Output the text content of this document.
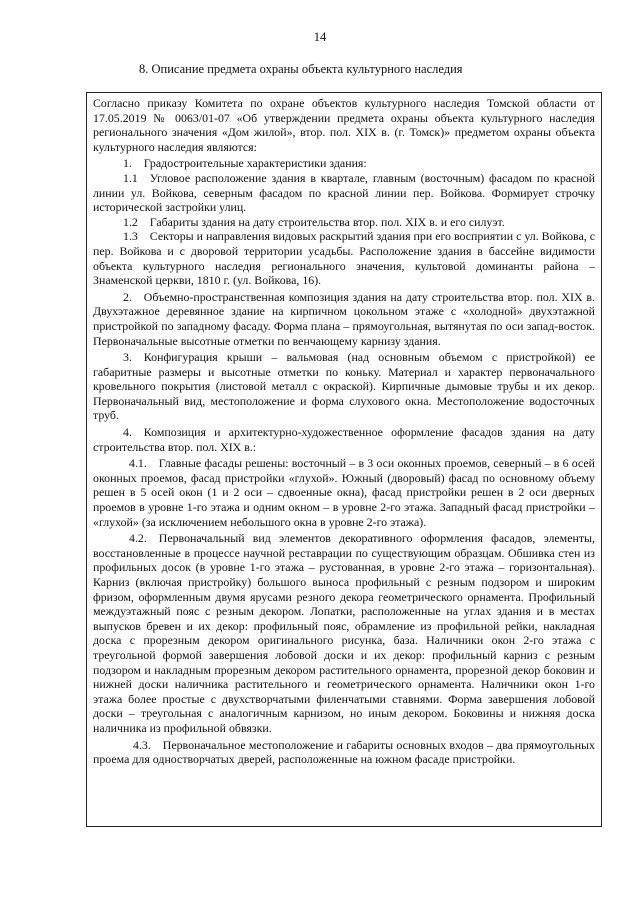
14
8. Описание предмета охраны объекта культурного наследия

Согласно приказу Комитета по охране объектов культурного наследия Томской области от 17.05.2019 № 0063/01-07 «Об утверждении предмета охраны объекта культурного наследия регионального значения «Дом жилой», втор. пол. XIX в. (г. Томск)» предметом охраны объекта культурного наследия являются:

1. Градостроительные характеристики здания:

1.1 Угловое расположение здания в квартале, главным (восточным) фасадом по красной линии ул. Войкова, северным фасадом по красной линии пер. Войкова. Формирует строчку исторической застройки улиц.

1.2 Габариты здания на дату строительства втор. пол. XIX в. и его силуэт.

1.3 Секторы и направления видовых раскрытий здания при его восприятии с ул. Войкова, с пер. Войкова и с дворовой территории усадьбы. Расположение здания в бассейне видимости объекта культурного наследия регионального значения, культовой доминанты района – Знаменской церкви, 1810 г. (ул. Войкова, 16).

2. Объемно-пространственная композиция здания на дату строительства втор. пол. XIX в. Двухэтажное деревянное здание на кирпичном цокольном этаже с «холодной» двухэтажной пристройкой по западному фасаду. Форма плана – прямоугольная, вытянутая по оси запад-восток. Первоначальные высотные отметки по венчающему карнизу здания.

3. Конфигурация крыши – вальмовая (над основным объемом с пристройкой) ее габаритные размеры и высотные отметки по коньку. Материал и характер первоначального кровельного покрытия (листовой металл с окраской). Кирпичные дымовые трубы и их декор. Первоначальный вид, местоположение и форма слухового окна. Местоположение водосточных труб.

4. Композиция и архитектурно-художественное оформление фасадов здания на дату строительства втор. пол. XIX в.:

4.1. Главные фасады решены: восточный – в 3 оси оконных проемов, северный – в 6 осей оконных проемов, фасад пристройки «глухой». Южный (дворовый) фасад по основному объему решен в 5 осей окон (1 и 2 оси – сдвоенные окна), фасад пристройки решен в 2 оси дверных проемов в уровне 1-го этажа и одним окном – в уровне 2-го этажа. Западный фасад пристройки – «глухой» (за исключением небольшого окна в уровне 2-го этажа).

4.2. Первоначальный вид элементов декоративного оформления фасадов, элементы, восстановленные в процессе научной реставрации по существующим образцам. Обшивка стен из профильных досок (в уровне 1-го этажа – рустованная, в уровне 2-го этажа – горизонтальная). Карниз (включая пристройку) большого выноса профильный с резным подзором и широким фризом, оформленным двумя ярусами резного декора геометрического орнамента. Профильный междуэтажный пояс с резным декором. Лопатки, расположенные на углах здания и в местах выпусков бревен и их декор: профильный пояс, обрамление из профильной рейки, накладная доска с прорезным декором оригинального рисунка, база. Наличники окон 2-го этажа с треугольной формой завершения лобовой доски и их декор: профильный карниз с резным подзором и накладным прорезным декором растительного орнамента, прорезной декор боковин и нижней доски наличника растительного и геометрического орнамента. Наличники окон 1-го этажа более простые с двухстворчатыми филенчатыми ставнями. Форма завершения лобовой доски – треугольная с аналогичным карнизом, но иным декором. Боковины и нижняя доска наличника из профильной обвязки.

4.3. Первоначальное местоположение и габариты основных входов – два прямоугольных проема для одностворчатых дверей, расположенные на южном фасаде пристройки.
